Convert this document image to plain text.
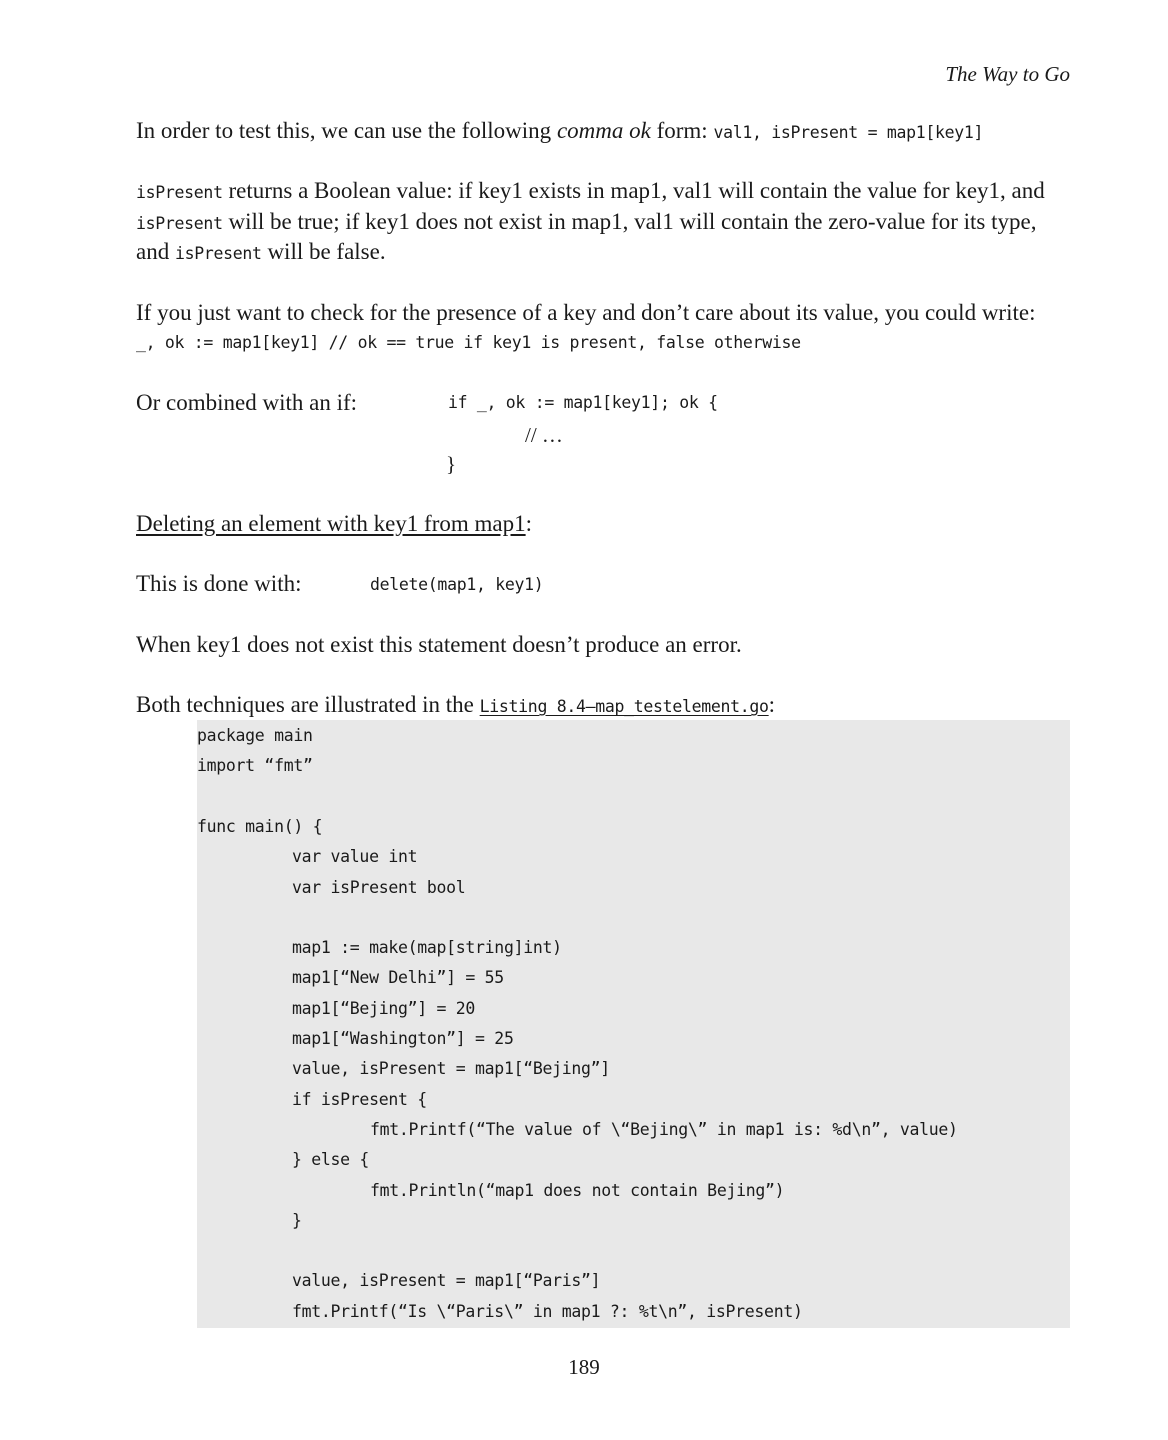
The Way to Go
In order to test this, we can use the following comma ok form: val1, isPresent = map1[key1]
isPresent returns a Boolean value: if key1 exists in map1, val1 will contain the value for key1, and
isPresent will be true; if key1 does not exist in map1, val1 will contain the zero-value for its type,
and isPresent will be false.
If you just want to check for the presence of a key and don’t care about its value, you could write:
_, ok := map1[key1] // ok == true if key1 is present, false otherwise
Or combined with an if:	if _, ok := map1[key1]; ok {
// …
}
Deleting an element with key1 from map1:
This is done with:	delete(map1, key1)
When key1 does not exist this statement doesn’t produce an error.
Both techniques are illustrated in the Listing 8.4—map_testelement.go:
package main
import “fmt”
func main() {
var value int
var isPresent bool
map1 := make(map[string]int)
map1[“New Delhi”] = 55
map1[“Bejing”] = 20
map1[“Washington”] = 25
value, isPresent = map1[“Bejing”]
if isPresent {
fmt.Printf(“The value of \“Bejing\” in map1 is: %d\n”, value)
} else {
fmt.Println(“map1 does not contain Bejing”)
}
value, isPresent = map1[“Paris”]
fmt.Printf(“Is \“Paris\” in map1 ?: %t\n”, isPresent)
189
